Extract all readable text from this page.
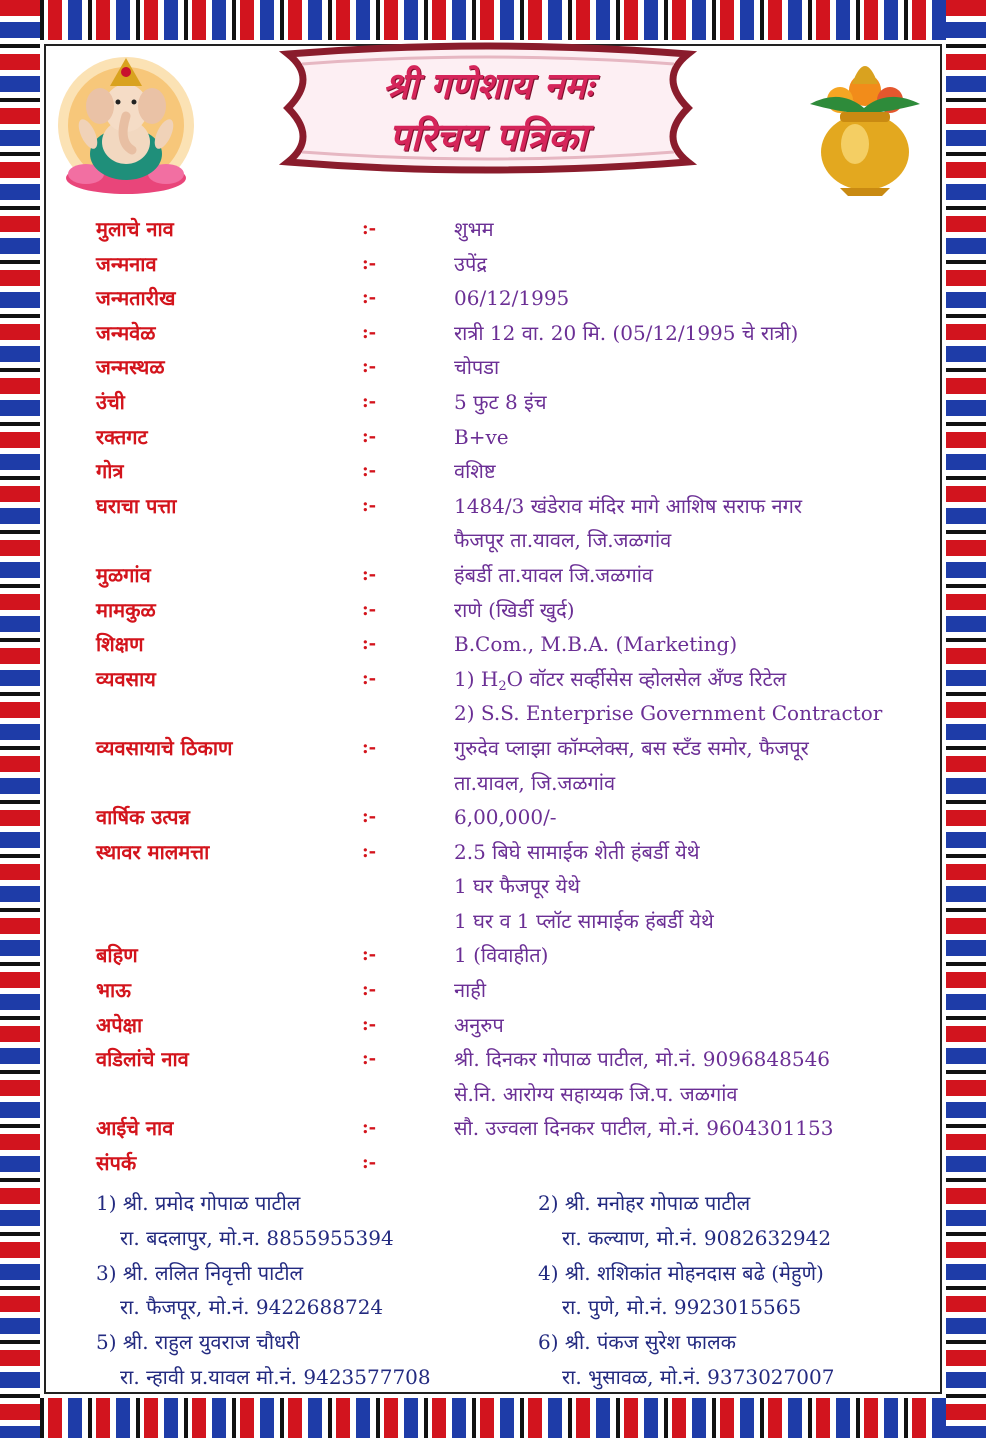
श्री गणेशाय नमः
परिचय पत्रिका
मुलाचे नाव	:-	शुभम
जन्मनाव	:-	उपेंद्र
जन्मतारीख	:-	06/12/1995
जन्मवेळ	:-	रात्री 12 वा. 20 मि. (05/12/1995 चे रात्री)
जन्मस्थळ	:-	चोपडा
उंची	:-	5 फुट 8 इंच
रक्तगट	:-	B+ve
गोत्र	:-	वशिष्ट
घराचा पत्ता	:-	1484/3 खंडेराव मंदिर मागे आशिष सराफ नगर
फैजपूर ता.यावल, जि.जळगांव
मुळगांव	:-	हंबर्डी ता.यावल जि.जळगांव
मामकुळ	:-	राणे (खिर्डी खुर्द)
शिक्षण	:-	B.Com., M.B.A. (Marketing)
व्यवसाय	:-	1) $H_2O$ वॉटर सर्व्हीसेस व्होलसेल अँण्ड रिटेल
2) S.S. Enterprise Government Contractor
व्यवसायाचे ठिकाण	:-	गुरुदेव प्लाझा कॉम्प्लेक्स, बस स्टँड समोर, फैजपूर
ता.यावल, जि.जळगांव
वार्षिक उत्पन्न	:-	6,00,000/-
स्थावर मालमत्ता	:-	2.5 बिघे सामाईक शेती हंबर्डी येथे
1 घर फैजपूर येथे
1 घर व 1 प्लॉट सामाईक हंबर्डी येथे
बहिण	:-	1 (विवाहीत)
भाऊ	:-	नाही
अपेक्षा	:-	अनुरुप
वडिलांचे नाव	:-	श्री. दिनकर गोपाळ पाटील, मो.नं. 9096848546
से.नि. आरोग्य सहाय्यक जि.प. जळगांव
आईचे नाव	:-	सौ. उज्वला दिनकर पाटील, मो.नं. 9604301153
संपर्क	:-
1) श्री. प्रमोद गोपाळ पाटील
रा. बदलापुर, मो.न. 8855955394
2) श्री. मनोहर गोपाळ पाटील
रा. कल्याण, मो.नं. 9082632942
3) श्री. ललित निवृत्ती पाटील
रा. फैजपूर, मो.नं. 9422688724
4) श्री. शशिकांत मोहनदास बढे (मेहुणे)
रा. पुणे, मो.नं. 9923015565
5) श्री. राहुल युवराज चौधरी
रा. न्हावी प्र.यावल मो.नं. 9423577708
6) श्री. पंकज सुरेश फालक
रा. भुसावळ, मो.नं. 9373027007
